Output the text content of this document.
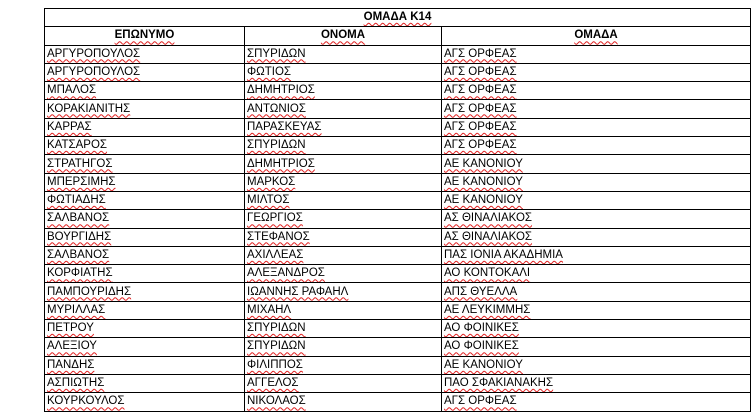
ΟΜΑΔΑ Κ14		
ΕΠΩΝΥΜΟ	ΟΝΟΜΑ	ΟΜΑΔΑ
ΑΡΓΥΡΟΠΟΥΛΟΣ	ΣΠΥΡΙΔΩΝ	ΑΓΣ ΟΡΦΕΑΣ
ΑΡΓΥΡΟΠΟΥΛΟΣ	ΦΩΤΙΟΣ	ΑΓΣ ΟΡΦΕΑΣ
ΜΠΑΛΟΣ	ΔΗΜΗΤΡΙΟΣ	ΑΓΣ ΟΡΦΕΑΣ
ΚΟΡΑΚΙΑΝΙΤΗΣ	ΑΝΤΩΝΙΟΣ	ΑΓΣ ΟΡΦΕΑΣ
ΚΑΡΡΑΣ	ΠΑΡΑΣΚΕΥΑΣ	ΑΓΣ ΟΡΦΕΑΣ
ΚΑΤΣΑΡΟΣ	ΣΠΥΡΙΔΩΝ	ΑΓΣ ΟΡΦΕΑΣ
ΣΤΡΑΤΗΓΟΣ	ΔΗΜΗΤΡΙΟΣ	ΑΕ ΚΑΝΟΝΙΟΥ
ΜΠΕΡΣΙΜΗΣ	ΜΑΡΚΟΣ	ΑΕ ΚΑΝΟΝΙΟΥ
ΦΩΤΙΑΔΗΣ	ΜΙΛΤΟΣ	ΑΕ ΚΑΝΟΝΙΟΥ
ΣΑΛΒΑΝΟΣ	ΓΕΩΡΓΙΟΣ	ΑΣ ΘΙΝΑΛΙΑΚΟΣ
ΒΟΥΡΓΙΔΗΣ	ΣΤΕΦΑΝΟΣ	ΑΣ ΘΙΝΑΛΙΑΚΟΣ
ΣΑΛΒΑΝΟΣ	ΑΧΙΛΛΕΑΣ	ΠΑΣ ΙΟΝΙΑ ΑΚΑΔΗΜΙΑ
ΚΟΡΦΙΑΤΗΣ	ΑΛΕΞΑΝΔΡΟΣ	ΑΟ ΚΟΝΤΟΚΑΛΙ
ΠΑΜΠΟΥΡΙΔΗΣ	ΙΩΑΝΝΗΣ ΡΑΦΑΗΛ	ΑΠΣ ΘΥΕΛΛΑ
ΜΥΡΙΛΛΑΣ	ΜΙΧΑΗΛ	ΑΕ ΛΕΥΚΙΜΜΗΣ
ΠΕΤΡΟΥ	ΣΠΥΡΙΔΩΝ	ΑΟ ΦΟΙΝΙΚΕΣ
ΑΛΕΞΙΟΥ	ΣΠΥΡΙΔΩΝ	ΑΟ ΦΟΙΝΙΚΕΣ
ΠΑΝΔΗΣ	ΦΙΛΙΠΠΟΣ	ΑΕ ΚΑΝΟΝΙΟΥ
ΑΣΠΙΩΤΗΣ	ΑΓΓΕΛΟΣ	ΠΑΟ ΣΦΑΚΙΑΝΑΚΗΣ
ΚΟΥΡΚΟΥΛΟΣ	ΝΙΚΟΛΑΟΣ	ΑΓΣ ΟΡΦΕΑΣ
